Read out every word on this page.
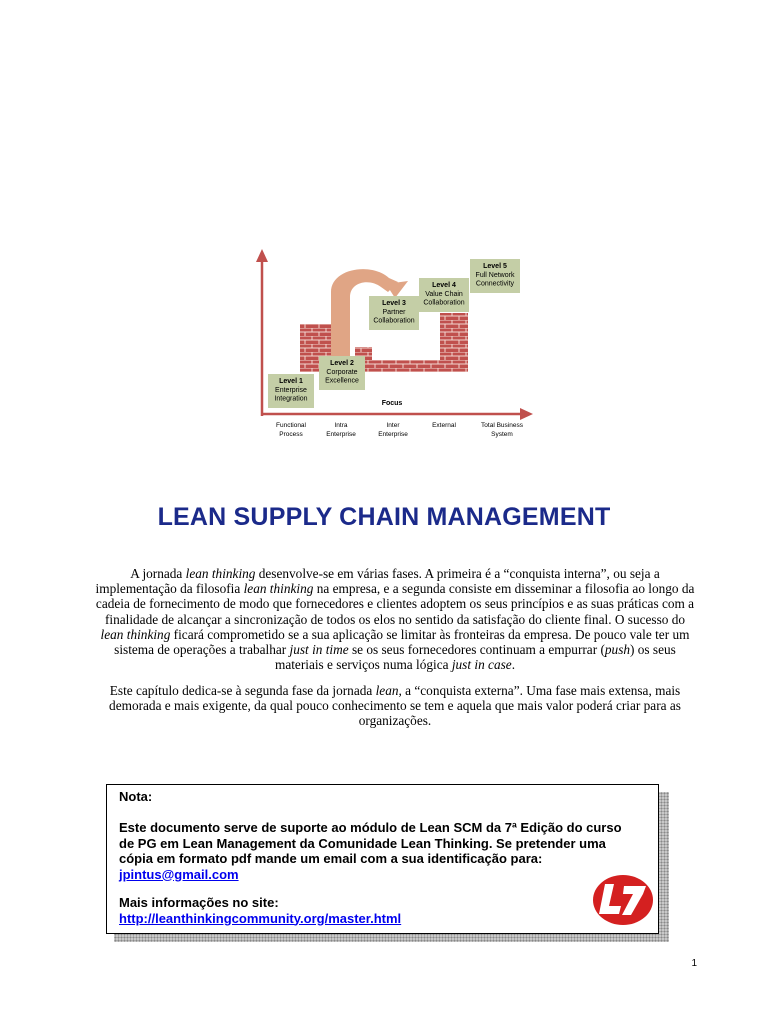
Level 1
Enterprise
Integration
Level 2
Corporate
Excellence
Level 3
Partner
Collaboration
Level 4
Value Chain
Collaboration
Level 5
Full Network
Connectivity
Focus
Functional
Process
Intra
Enterprise
Inter
Enterprise
External	Total Business
System
LEAN SUPPLY CHAIN MANAGEMENT

A jornada lean thinking desenvolve-se em várias fases. A primeira é a “conquista interna”, ou seja a implementação da filosofia lean thinking na empresa, e a segunda consiste em disseminar a filosofia ao longo da cadeia de fornecimento de modo que fornecedores e clientes adoptem os seus princípios e as suas práticas com a finalidade de alcançar a sincronização de todos os elos no sentido da satisfação do cliente final. O sucesso do lean thinking ficará comprometido se a sua aplicação se limitar às fronteiras da empresa. De pouco vale ter um sistema de operações a trabalhar just in time se os seus fornecedores continuam a empurrar (push) os seus materiais e serviços numa lógica just in case.

Este capítulo dedica-se à segunda fase da jornada lean, a “conquista externa”. Uma fase mais extensa, mais demorada e mais exigente, da qual pouco conhecimento se tem e aquela que mais valor poderá criar para as organizações.

Nota:

Este documento serve de suporte ao módulo de Lean SCM da 7ª Edição do curso de PG em Lean Management da Comunidade Lean Thinking. Se pretender uma cópia em formato pdf mande um email com a sua identificação para: jpintus@gmail.com

Mais informações no site:
http://leanthinkingcommunity.org/master.html

1
